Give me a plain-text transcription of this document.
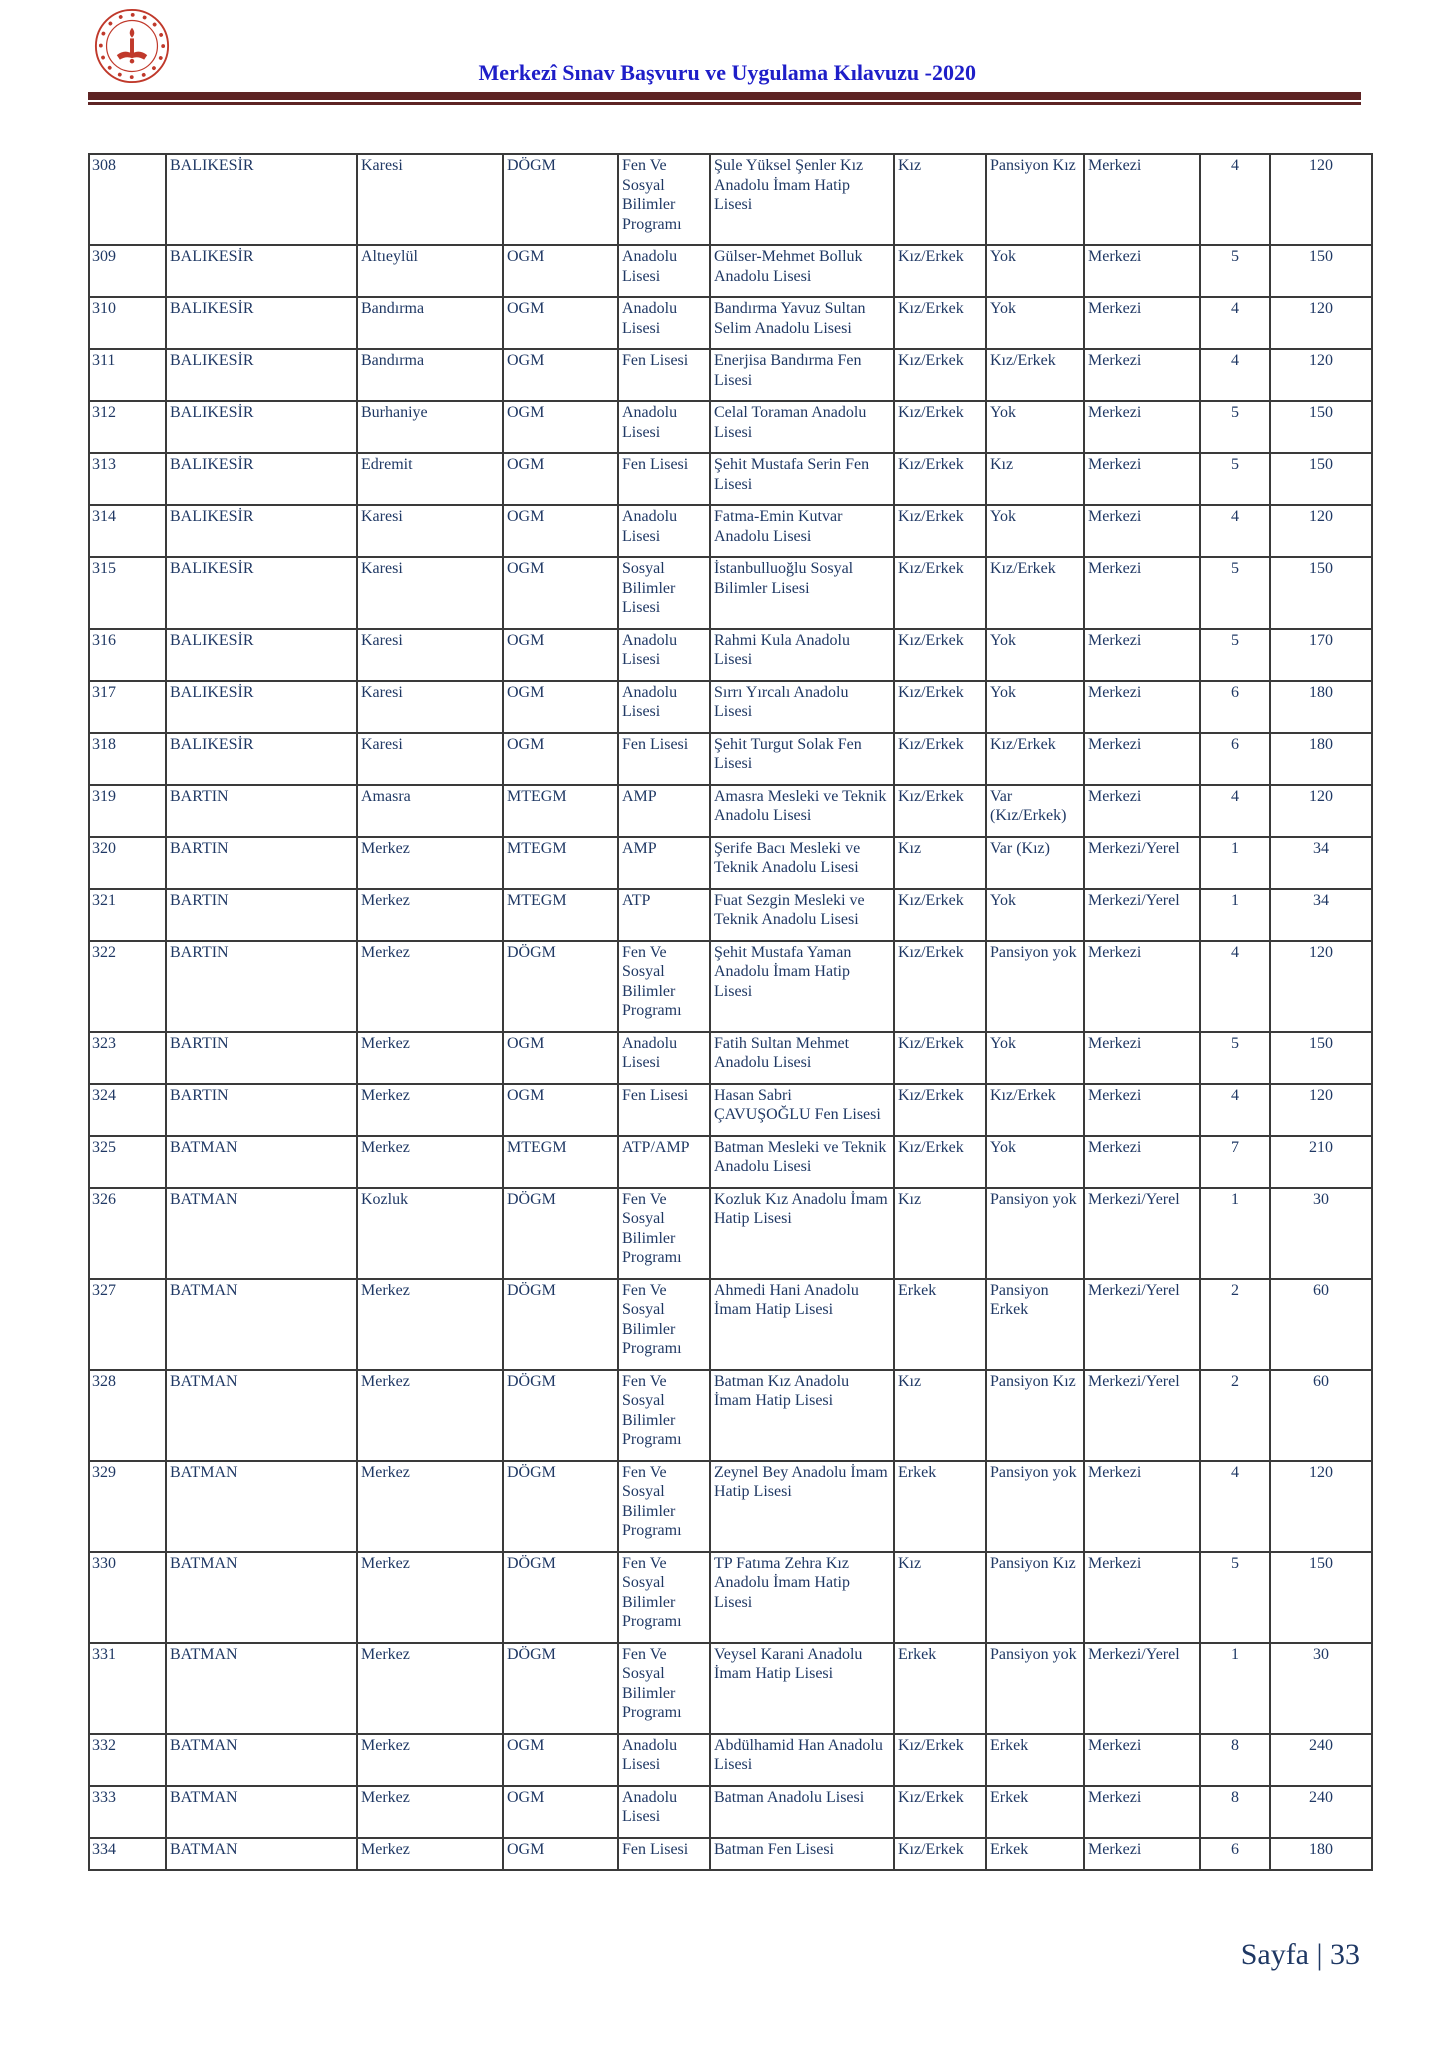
Merkezî Sınav Başvuru ve Uygulama Kılavuzu -2020
308	BALIKESİR	Karesi	DÖGM	Fen Ve Sosyal Bilimler Programı	Şule Yüksel Şenler Kız Anadolu İmam Hatip Lisesi	Kız	Pansiyon Kız	Merkezi	4	120
309	BALIKESİR	Altıeylül	OGM	Anadolu Lisesi	Gülser-Mehmet Bolluk Anadolu Lisesi	Kız/Erkek	Yok	Merkezi	5	150
310	BALIKESİR	Bandırma	OGM	Anadolu Lisesi	Bandırma Yavuz Sultan Selim Anadolu Lisesi	Kız/Erkek	Yok	Merkezi	4	120
311	BALIKESİR	Bandırma	OGM	Fen Lisesi	Enerjisa Bandırma Fen Lisesi	Kız/Erkek	Kız/Erkek	Merkezi	4	120
312	BALIKESİR	Burhaniye	OGM	Anadolu Lisesi	Celal Toraman Anadolu Lisesi	Kız/Erkek	Yok	Merkezi	5	150
313	BALIKESİR	Edremit	OGM	Fen Lisesi	Şehit Mustafa Serin Fen Lisesi	Kız/Erkek	Kız	Merkezi	5	150
314	BALIKESİR	Karesi	OGM	Anadolu Lisesi	Fatma-Emin Kutvar Anadolu Lisesi	Kız/Erkek	Yok	Merkezi	4	120
315	BALIKESİR	Karesi	OGM	Sosyal Bilimler Lisesi	İstanbulluoğlu Sosyal Bilimler Lisesi	Kız/Erkek	Kız/Erkek	Merkezi	5	150
316	BALIKESİR	Karesi	OGM	Anadolu Lisesi	Rahmi Kula Anadolu Lisesi	Kız/Erkek	Yok	Merkezi	5	170
317	BALIKESİR	Karesi	OGM	Anadolu Lisesi	Sırrı Yırcalı Anadolu Lisesi	Kız/Erkek	Yok	Merkezi	6	180
318	BALIKESİR	Karesi	OGM	Fen Lisesi	Şehit Turgut Solak Fen Lisesi	Kız/Erkek	Kız/Erkek	Merkezi	6	180
319	BARTIN	Amasra	MTEGM	AMP	Amasra Mesleki ve Teknik Anadolu Lisesi	Kız/Erkek	Var (Kız/Erkek)	Merkezi	4	120
320	BARTIN	Merkez	MTEGM	AMP	Şerife Bacı Mesleki ve Teknik Anadolu Lisesi	Kız	Var (Kız)	Merkezi/Yerel	1	34
321	BARTIN	Merkez	MTEGM	ATP	Fuat Sezgin Mesleki ve Teknik Anadolu Lisesi	Kız/Erkek	Yok	Merkezi/Yerel	1	34
322	BARTIN	Merkez	DÖGM	Fen Ve Sosyal Bilimler Programı	Şehit Mustafa Yaman Anadolu İmam Hatip Lisesi	Kız/Erkek	Pansiyon yok	Merkezi	4	120
323	BARTIN	Merkez	OGM	Anadolu Lisesi	Fatih Sultan Mehmet Anadolu Lisesi	Kız/Erkek	Yok	Merkezi	5	150
324	BARTIN	Merkez	OGM	Fen Lisesi	Hasan Sabri ÇAVUŞOĞLU Fen Lisesi	Kız/Erkek	Kız/Erkek	Merkezi	4	120
325	BATMAN	Merkez	MTEGM	ATP/AMP	Batman Mesleki ve Teknik Anadolu Lisesi	Kız/Erkek	Yok	Merkezi	7	210
326	BATMAN	Kozluk	DÖGM	Fen Ve Sosyal Bilimler Programı	Kozluk Kız Anadolu İmam Hatip Lisesi	Kız	Pansiyon yok	Merkezi/Yerel	1	30
327	BATMAN	Merkez	DÖGM	Fen Ve Sosyal Bilimler Programı	Ahmedi Hani Anadolu İmam Hatip Lisesi	Erkek	Pansiyon Erkek	Merkezi/Yerel	2	60
328	BATMAN	Merkez	DÖGM	Fen Ve Sosyal Bilimler Programı	Batman Kız Anadolu İmam Hatip Lisesi	Kız	Pansiyon Kız	Merkezi/Yerel	2	60
329	BATMAN	Merkez	DÖGM	Fen Ve Sosyal Bilimler Programı	Zeynel Bey Anadolu İmam Hatip Lisesi	Erkek	Pansiyon yok	Merkezi	4	120
330	BATMAN	Merkez	DÖGM	Fen Ve Sosyal Bilimler Programı	TP Fatıma Zehra Kız Anadolu İmam Hatip Lisesi	Kız	Pansiyon Kız	Merkezi	5	150
331	BATMAN	Merkez	DÖGM	Fen Ve Sosyal Bilimler Programı	Veysel Karani Anadolu İmam Hatip Lisesi	Erkek	Pansiyon yok	Merkezi/Yerel	1	30
332	BATMAN	Merkez	OGM	Anadolu Lisesi	Abdülhamid Han Anadolu Lisesi	Kız/Erkek	Erkek	Merkezi	8	240
333	BATMAN	Merkez	OGM	Anadolu Lisesi	Batman Anadolu Lisesi	Kız/Erkek	Erkek	Merkezi	8	240
334	BATMAN	Merkez	OGM	Fen Lisesi	Batman Fen Lisesi	Kız/Erkek	Erkek	Merkezi	6	180
Sayfa | 33
